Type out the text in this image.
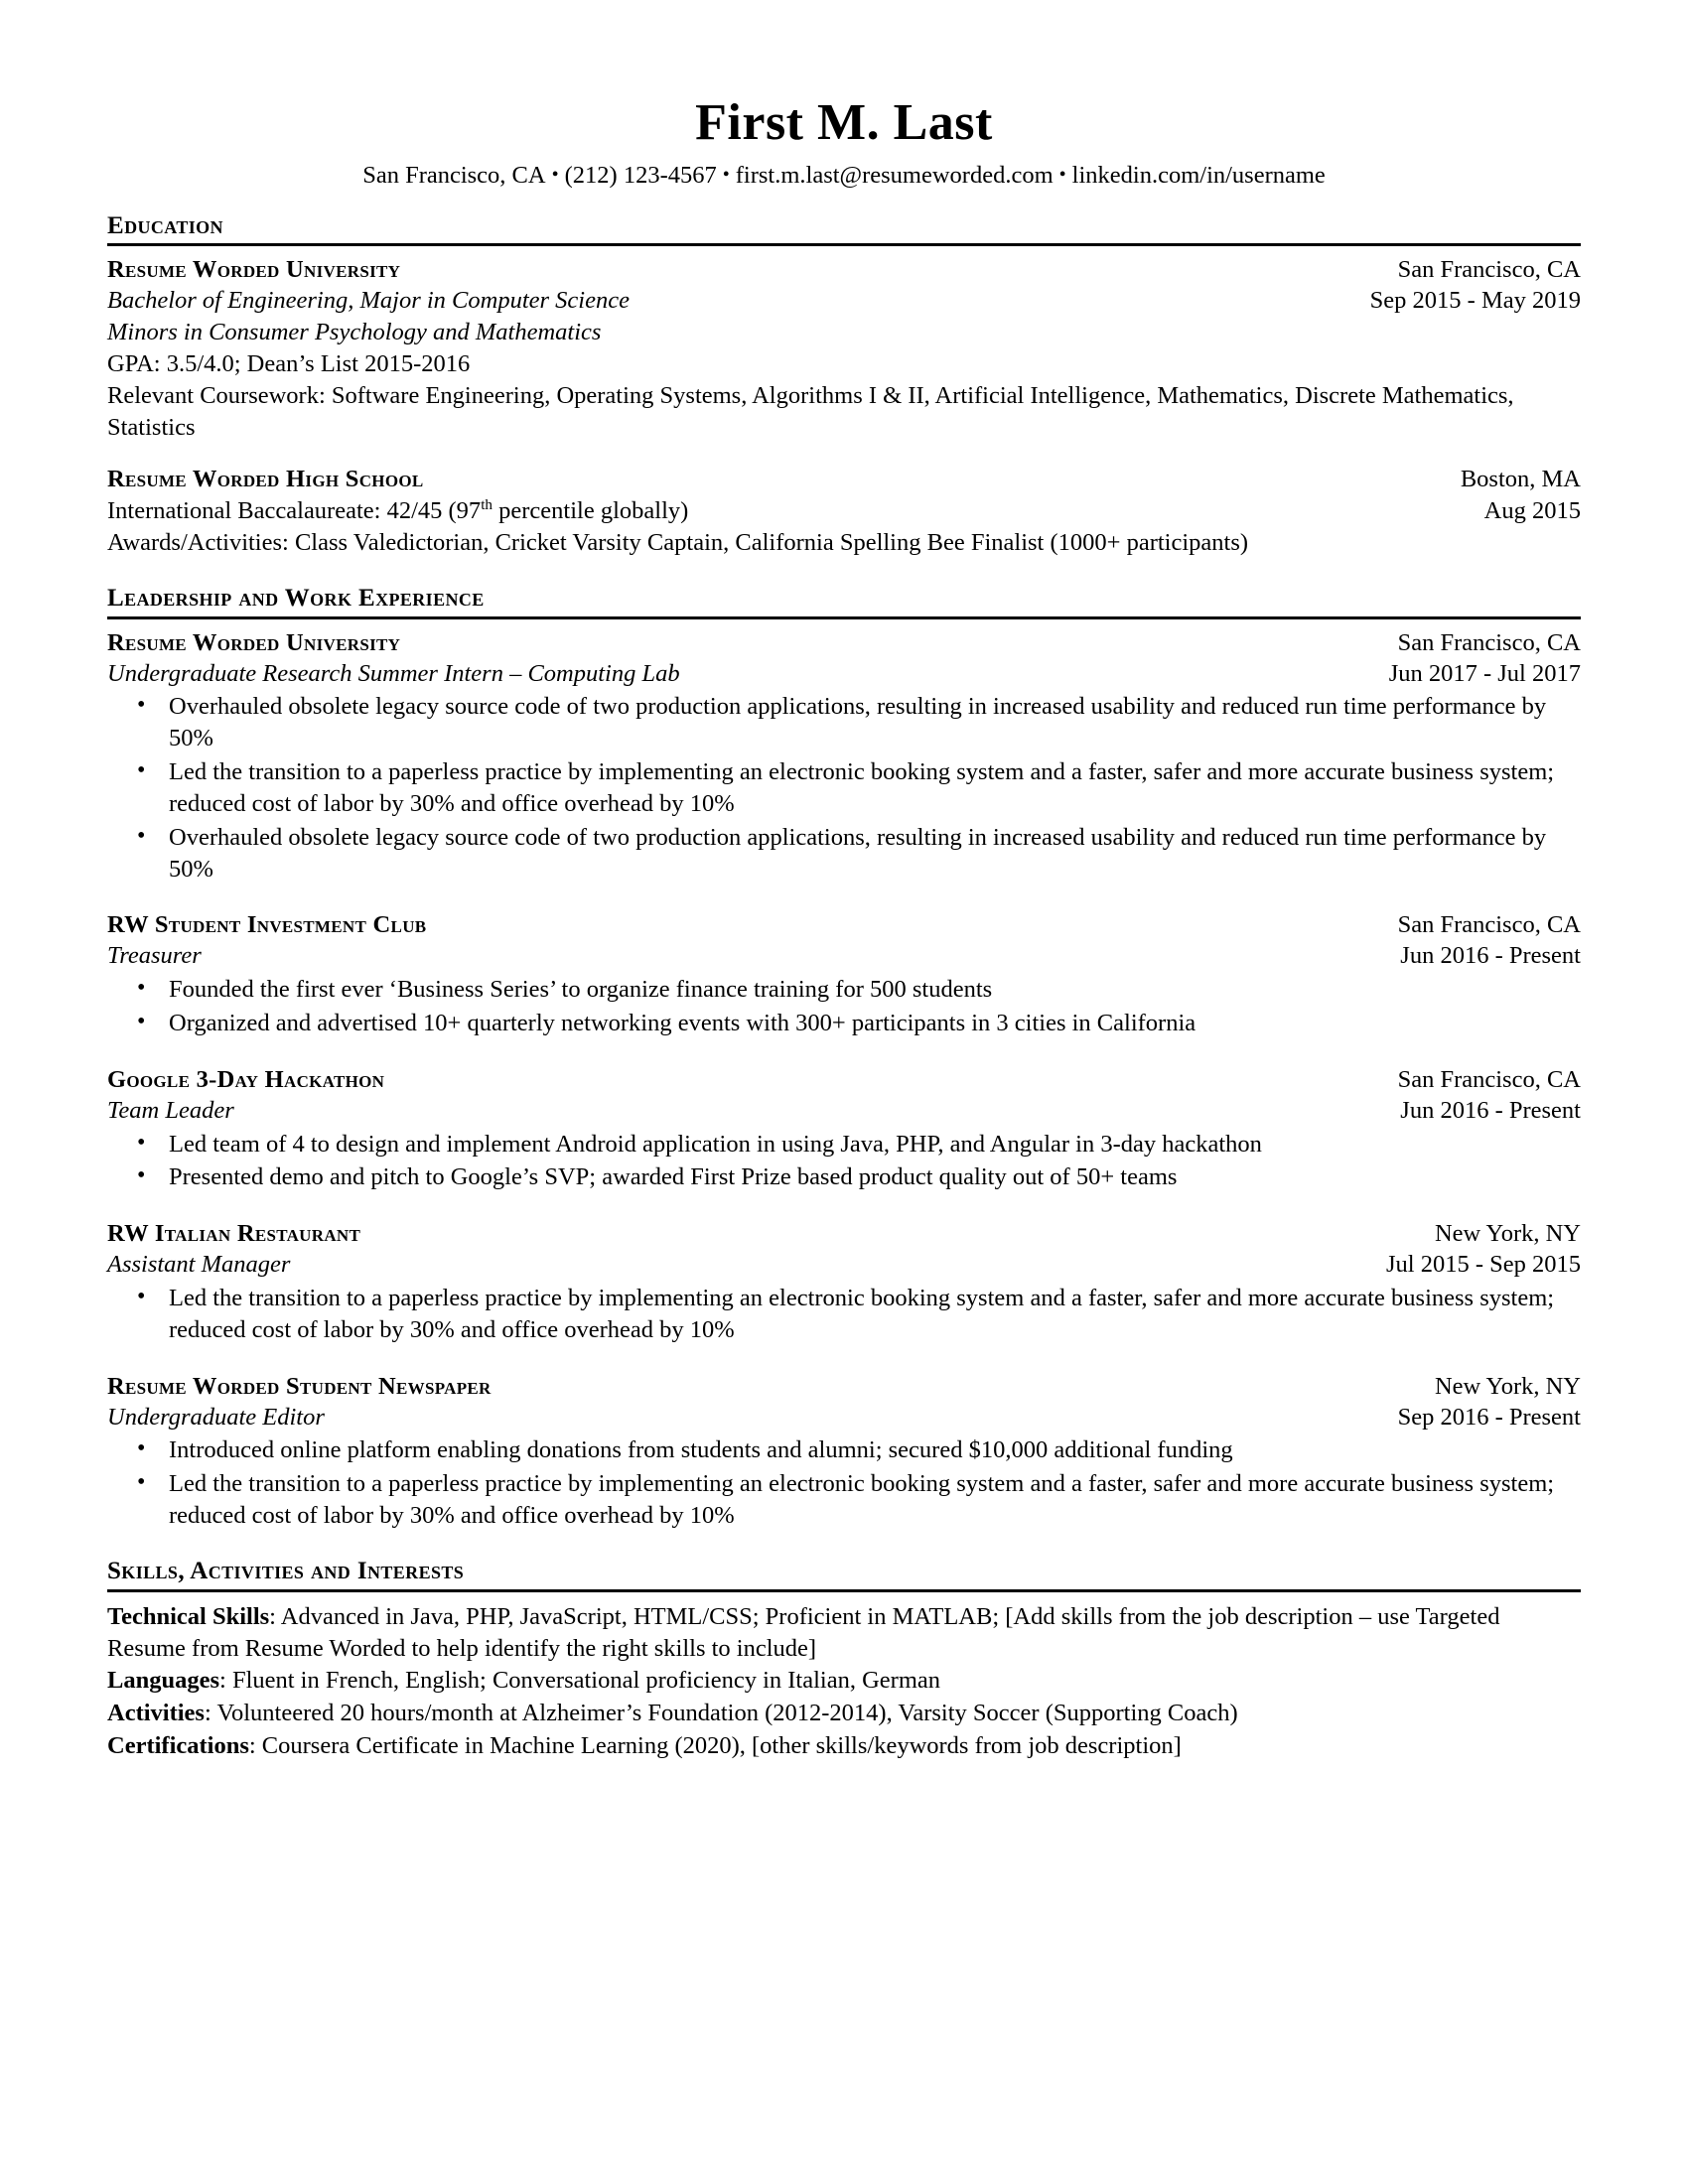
First M. Last
San Francisco, CA • (212) 123-4567 • first.m.last@resumeworded.com • linkedin.com/in/username
Education
Resume Worded University	San Francisco, CA
Bachelor of Engineering, Major in Computer Science	Sep 2015 - May 2019
Minors in Consumer Psychology and Mathematics
GPA: 3.5/4.0; Dean’s List 2015-2016
Relevant Coursework: Software Engineering, Operating Systems, Algorithms I & II, Artificial Intelligence, Mathematics, Discrete Mathematics, Statistics
Resume Worded High School	Boston, MA
International Baccalaureate: 42/45 (97th percentile globally)	Aug 2015
Awards/Activities: Class Valedictorian, Cricket Varsity Captain, California Spelling Bee Finalist (1000+ participants)
Leadership and Work Experience
Resume Worded University	San Francisco, CA
Undergraduate Research Summer Intern – Computing Lab	Jun 2017 - Jul 2017
• Overhauled obsolete legacy source code of two production applications, resulting in increased usability and reduced run time performance by 50%
• Led the transition to a paperless practice by implementing an electronic booking system and a faster, safer and more accurate business system; reduced cost of labor by 30% and office overhead by 10%
• Overhauled obsolete legacy source code of two production applications, resulting in increased usability and reduced run time performance by 50%
RW Student Investment Club	San Francisco, CA
Treasurer	Jun 2016 - Present
• Founded the first ever ‘Business Series’ to organize finance training for 500 students
• Organized and advertised 10+ quarterly networking events with 300+ participants in 3 cities in California
Google 3-Day Hackathon	San Francisco, CA
Team Leader	Jun 2016 - Present
• Led team of 4 to design and implement Android application in using Java, PHP, and Angular in 3-day hackathon
• Presented demo and pitch to Google’s SVP; awarded First Prize based product quality out of 50+ teams
RW Italian Restaurant	New York, NY
Assistant Manager	Jul 2015 - Sep 2015
• Led the transition to a paperless practice by implementing an electronic booking system and a faster, safer and more accurate business system; reduced cost of labor by 30% and office overhead by 10%
Resume Worded Student Newspaper	New York, NY
Undergraduate Editor	Sep 2016 - Present
• Introduced online platform enabling donations from students and alumni; secured $10,000 additional funding
• Led the transition to a paperless practice by implementing an electronic booking system and a faster, safer and more accurate business system; reduced cost of labor by 30% and office overhead by 10%
Skills, Activities and Interests
Technical Skills: Advanced in Java, PHP, JavaScript, HTML/CSS; Proficient in MATLAB; [Add skills from the job description – use Targeted Resume from Resume Worded to help identify the right skills to include]
Languages: Fluent in French, English; Conversational proficiency in Italian, German
Activities: Volunteered 20 hours/month at Alzheimer’s Foundation (2012-2014), Varsity Soccer (Supporting Coach)
Certifications: Coursera Certificate in Machine Learning (2020), [other skills/keywords from job description]
